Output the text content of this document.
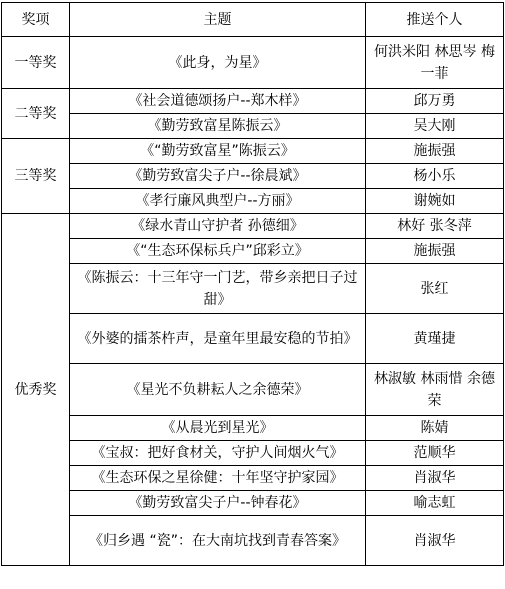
奖项	主题	推送个人
一等奖	《此身，为星》	何洪米阳 林思岑 梅一菲
二等奖	《社会道德颂扬户--郑木样》	邱万勇
	《勤劳致富星陈振云》	吴大刚
三等奖	《“勤劳致富星”陈振云》	施振强
	《勤劳致富尖子户--徐晨斌》	杨小乐
	《孝行廉风典型户--方丽》	谢婉如
优秀奖	《绿水青山守护者 孙德细》	林好 张冬萍
	《“生态环保标兵户”邱彩立》	施振强
	《陈振云：十三年守一门艺，带乡亲把日子过甜》	张红
	《外婆的擂茶杵声，是童年里最安稳的节拍》	黄瑾捷
	《星光不负耕耘人之余德荣》	林淑敏 林雨惜 余德荣
	《从晨光到星光》	陈婧
	《宝叔：把好食材关，守护人间烟火气》	范顺华
	《生态环保之星徐健：十年坚守护家园》	肖淑华
	《勤劳致富尖子户--钟春花》	喻志虹
	《归乡遇 “瓷”：在大南坑找到青春答案》	肖淑华
